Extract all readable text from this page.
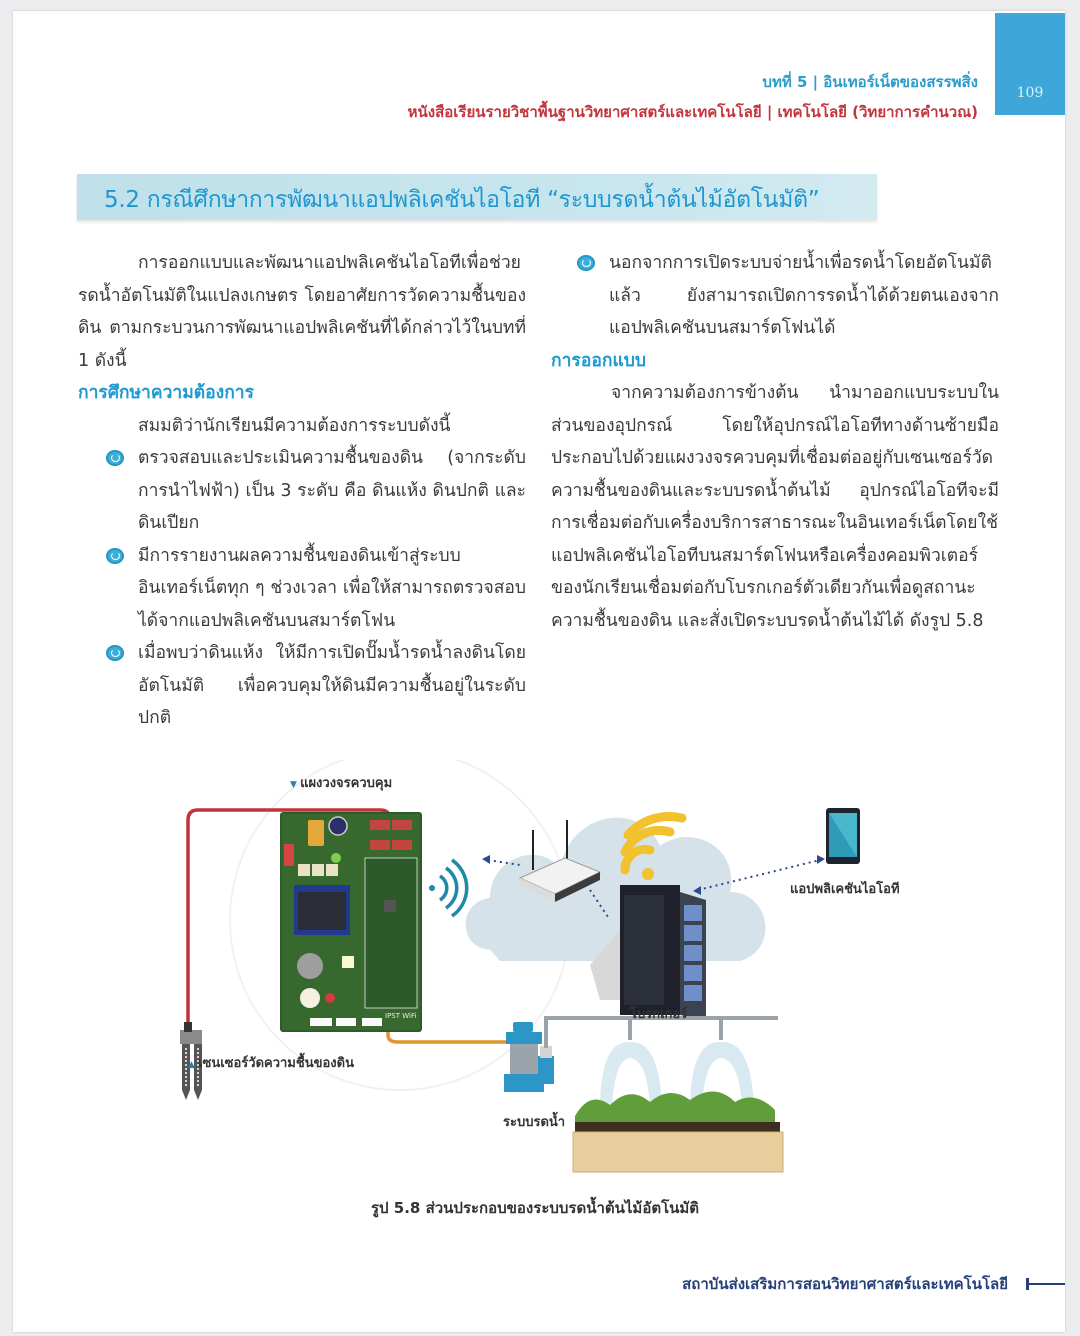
109
บทที่ 5 | อินเทอร์เน็ตของสรรพสิ่ง
หนังสือเรียนรายวิชาพื้นฐานวิทยาศาสตร์และเทคโนโลยี | เทคโนโลยี (วิทยาการคำนวณ)
5.2 กรณีศึกษาการพัฒนาแอปพลิเคชันไอโอที “ระบบรดน้ำต้นไม้อัตโนมัติ”

การออกแบบและพัฒนาแอปพลิเคชันไอโอทีเพื่อช่วยรดน้ำอัตโนมัติในแปลงเกษตร โดยอาศัยการวัดความชื้นของดิน ตามกระบวนการพัฒนาแอปพลิเคชันที่ได้กล่าวไว้ในบทที่ 1 ดังนี้

การศึกษาความต้องการ

สมมติว่านักเรียนมีความต้องการระบบดังนี้

ตรวจสอบและประเมินความชื้นของดิน (จากระดับการนำไฟฟ้า) เป็น 3 ระดับ คือ ดินแห้ง ดินปกติ และดินเปียก
มีการรายงานผลความชื้นของดินเข้าสู่ระบบอินเทอร์เน็ตทุก ๆ ช่วงเวลา เพื่อให้สามารถตรวจสอบได้จากแอปพลิเคชันบนสมาร์ตโฟน
เมื่อพบว่าดินแห้ง ให้มีการเปิดปั๊มน้ำรดน้ำลงดินโดยอัตโนมัติ เพื่อควบคุมให้ดินมีความชื้นอยู่ในระดับปกติ
นอกจากการเปิดระบบจ่ายน้ำเพื่อรดน้ำโดยอัตโนมัติแล้ว ยังสามารถเปิดการรดน้ำได้ด้วยตนเองจากแอปพลิเคชันบนสมาร์ตโฟนได้

การออกแบบ

จากความต้องการข้างต้น นำมาออกแบบระบบในส่วนของอุปกรณ์ โดยให้อุปกรณ์ไอโอทีทางด้านซ้ายมือประกอบไปด้วยแผงวงจรควบคุมที่เชื่อมต่ออยู่กับเซนเซอร์วัดความชื้นของดินและระบบรดน้ำต้นไม้ อุปกรณ์ไอโอทีจะมีการเชื่อมต่อกับเครื่องบริการสาธารณะในอินเทอร์เน็ตโดยใช้แอปพลิเคชันไอโอทีบนสมาร์ตโฟนหรือเครื่องคอมพิวเตอร์ของนักเรียนเชื่อมต่อกับโบรกเกอร์ตัวเดียวกันเพื่อดูสถานะความชื้นของดิน และสั่งเปิดระบบรดน้ำต้นไม้ได้ ดังรูป 5.8

IPST WiFi
▼ แผงวงจรควบคุม
▲ เซนเซอร์วัดความชื้นของดิน
โบรกเกอร์
แอปพลิเคชันไอโอที
ระบบรดน้ำ
รูป 5.8 ส่วนประกอบของระบบรดน้ำต้นไม้อัตโนมัติ
สถาบันส่งเสริมการสอนวิทยาศาสตร์และเทคโนโลยี
